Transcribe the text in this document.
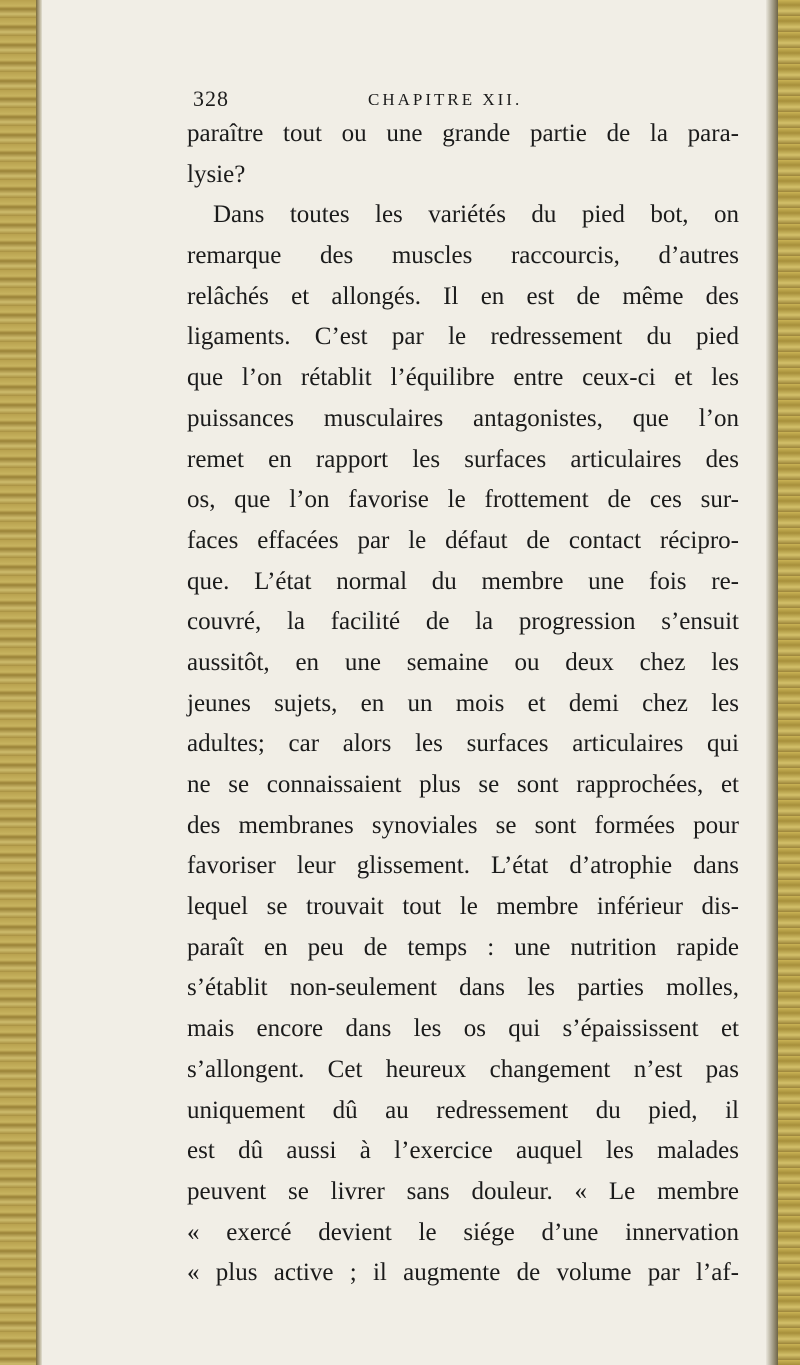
328	CHAPITRE XII.
paraître tout ou une grande partie de la para-
lysie?
Dans toutes les variétés du pied bot, on
remarque des muscles raccourcis, d’autres
relâchés et allongés. Il en est de même des
ligaments. C’est par le redressement du pied
que l’on rétablit l’équilibre entre ceux-ci et les
puissances musculaires antagonistes, que l’on
remet en rapport les surfaces articulaires des
os, que l’on favorise le frottement de ces sur-
faces effacées par le défaut de contact récipro-
que. L’état normal du membre une fois re-
couvré, la facilité de la progression s’ensuit
aussitôt, en une semaine ou deux chez les
jeunes sujets, en un mois et demi chez les
adultes; car alors les surfaces articulaires qui
ne se connaissaient plus se sont rapprochées, et
des membranes synoviales se sont formées pour
favoriser leur glissement. L’état d’atrophie dans
lequel se trouvait tout le membre inférieur dis-
paraît en peu de temps : une nutrition rapide
s’établit non-seulement dans les parties molles,
mais encore dans les os qui s’épaississent et
s’allongent. Cet heureux changement n’est pas
uniquement dû au redressement du pied, il
est dû aussi à l’exercice auquel les malades
peuvent se livrer sans douleur. « Le membre
« exercé devient le siége d’une innervation
« plus active ; il augmente de volume par l’af-
